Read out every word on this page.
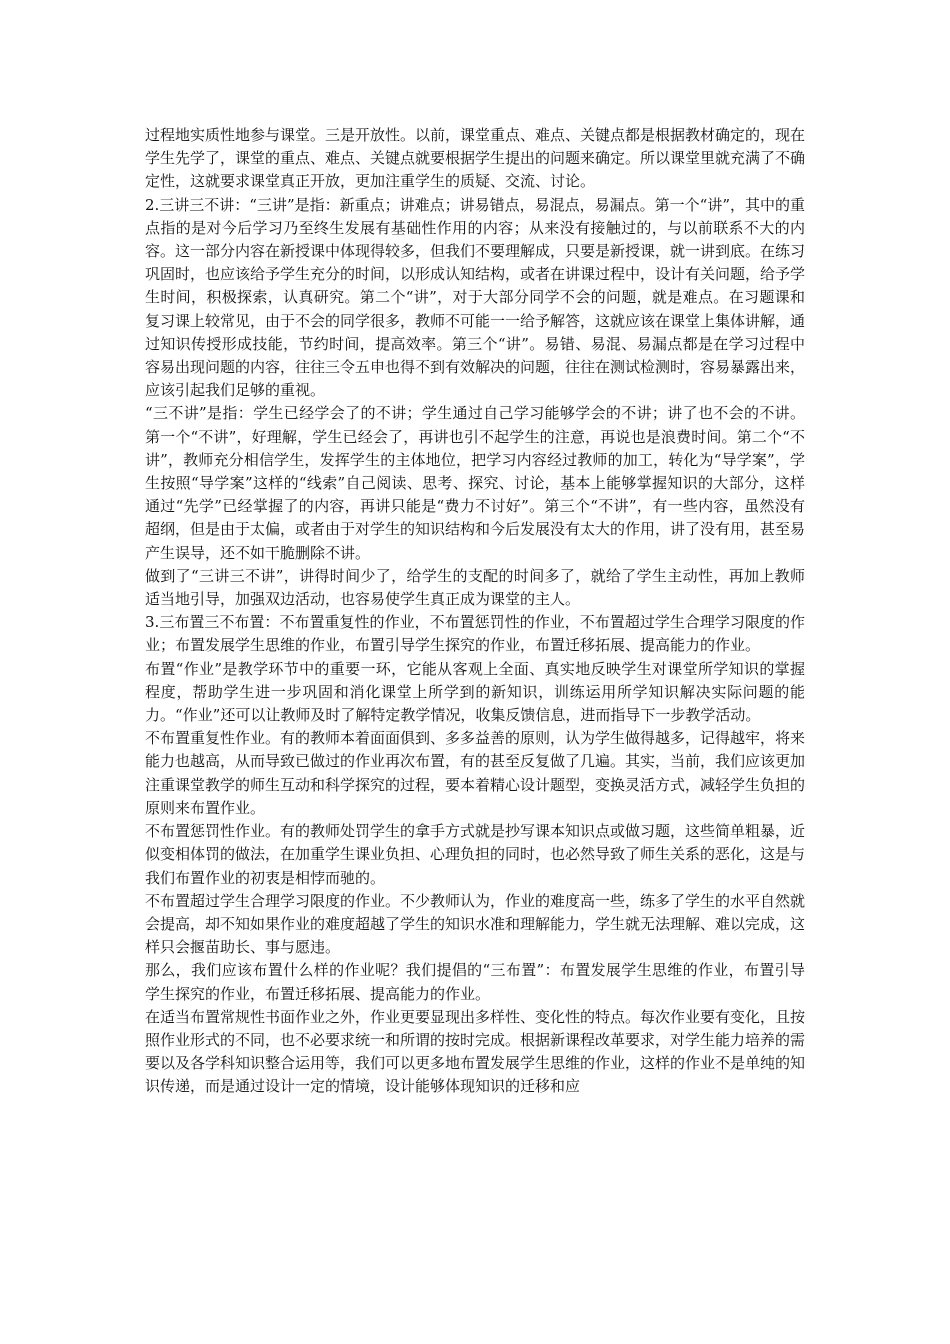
过程地实质性地参与课堂。三是开放性。以前，课堂重点、难点、关键点都是根据教材确定的，现在学生先学了，课堂的重点、难点、关键点就要根据学生提出的问题来确定。所以课堂里就充满了不确定性，这就要求课堂真正开放，更加注重学生的质疑、交流、讨论。

2.三讲三不讲：“三讲”是指：新重点；讲难点；讲易错点，易混点，易漏点。第一个“讲”，其中的重点指的是对今后学习乃至终生发展有基础性作用的内容；从来没有接触过的，与以前联系不大的内容。这一部分内容在新授课中体现得较多，但我们不要理解成，只要是新授课，就一讲到底。在练习巩固时，也应该给予学生充分的时间，以形成认知结构，或者在讲课过程中，设计有关问题，给予学生时间，积极探索，认真研究。第二个“讲”，对于大部分同学不会的问题，就是难点。在习题课和复习课上较常见，由于不会的同学很多，教师不可能一一给予解答，这就应该在课堂上集体讲解，通过知识传授形成技能，节约时间，提高效率。第三个“讲”。易错、易混、易漏点都是在学习过程中容易出现问题的内容，往往三令五申也得不到有效解决的问题，往往在测试检测时，容易暴露出来，应该引起我们足够的重视。

“三不讲”是指：学生已经学会了的不讲；学生通过自己学习能够学会的不讲；讲了也不会的不讲。第一个“不讲”，好理解，学生已经会了，再讲也引不起学生的注意，再说也是浪费时间。第二个“不讲”，教师充分相信学生，发挥学生的主体地位，把学习内容经过教师的加工，转化为“导学案”，学生按照“导学案”这样的“线索”自己阅读、思考、探究、讨论，基本上能够掌握知识的大部分，这样通过“先学”已经掌握了的内容，再讲只能是“费力不讨好”。第三个“不讲”，有一些内容，虽然没有超纲，但是由于太偏，或者由于对学生的知识结构和今后发展没有太大的作用，讲了没有用，甚至易产生误导，还不如干脆删除不讲。

做到了“三讲三不讲”，讲得时间少了，给学生的支配的时间多了，就给了学生主动性，再加上教师适当地引导，加强双边活动，也容易使学生真正成为课堂的主人。

3.三布置三不布置：不布置重复性的作业，不布置惩罚性的作业，不布置超过学生合理学习限度的作业；布置发展学生思维的作业，布置引导学生探究的作业，布置迁移拓展、提高能力的作业。

布置“作业”是教学环节中的重要一环，它能从客观上全面、真实地反映学生对课堂所学知识的掌握程度，帮助学生进一步巩固和消化课堂上所学到的新知识，训练运用所学知识解决实际问题的能力。“作业”还可以让教师及时了解特定教学情况，收集反馈信息，进而指导下一步教学活动。

不布置重复性作业。有的教师本着面面俱到、多多益善的原则，认为学生做得越多，记得越牢，将来能力也越高，从而导致已做过的作业再次布置，有的甚至反复做了几遍。其实，当前，我们应该更加注重课堂教学的师生互动和科学探究的过程，要本着精心设计题型，变换灵活方式，减轻学生负担的原则来布置作业。

不布置惩罚性作业。有的教师处罚学生的拿手方式就是抄写课本知识点或做习题，这些简单粗暴，近似变相体罚的做法，在加重学生课业负担、心理负担的同时，也必然导致了师生关系的恶化，这是与我们布置作业的初衷是相悖而驰的。

不布置超过学生合理学习限度的作业。不少教师认为，作业的难度高一些，练多了学生的水平自然就会提高，却不知如果作业的难度超越了学生的知识水准和理解能力，学生就无法理解、难以完成，这样只会揠苗助长、事与愿违。

那么，我们应该布置什么样的作业呢？我们提倡的“三布置”：布置发展学生思维的作业，布置引导学生探究的作业，布置迁移拓展、提高能力的作业。

在适当布置常规性书面作业之外，作业更要显现出多样性、变化性的特点。每次作业要有变化，且按照作业形式的不同，也不必要求统一和所谓的按时完成。根据新课程改革要求，对学生能力培养的需要以及各学科知识整合运用等，我们可以更多地布置发展学生思维的作业，这样的作业不是单纯的知识传递，而是通过设计一定的情境，设计能够体现知识的迁移和应
